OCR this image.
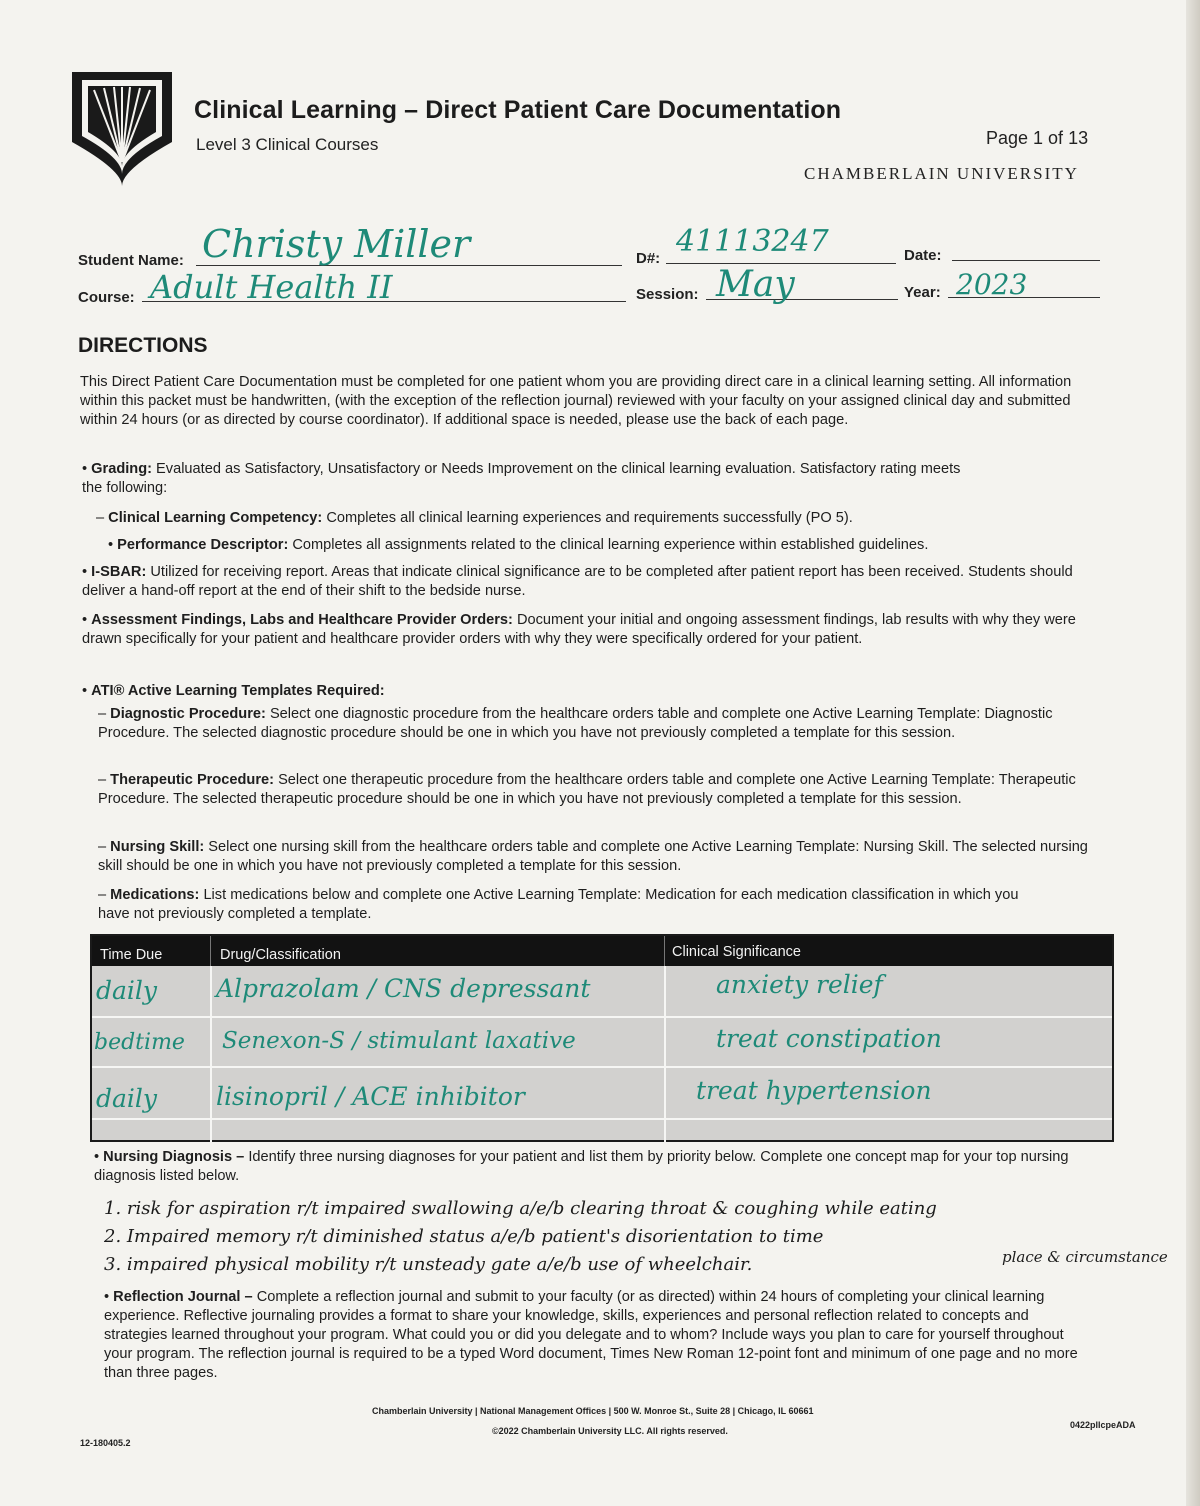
Clinical Learning – Direct Patient Care Documentation
Level 3 Clinical Courses	Page 1 of 13
CHAMBERLAIN UNIVERSITY
Student Name: Christy Miller	D#: 41113247	Date:
Course: Adult Health II	Session: May	Year: 2023
DIRECTIONS
This Direct Patient Care Documentation must be completed for one patient whom you are providing direct care in a clinical learning setting. All information within this packet must be handwritten, (with the exception of the reflection journal) reviewed with your faculty on your assigned clinical day and submitted within 24 hours (or as directed by course coordinator). If additional space is needed, please use the back of each page.
• Grading: Evaluated as Satisfactory, Unsatisfactory or Needs Improvement on the clinical learning evaluation. Satisfactory rating meets the following:
– Clinical Learning Competency: Completes all clinical learning experiences and requirements successfully (PO 5).
• Performance Descriptor: Completes all assignments related to the clinical learning experience within established guidelines.
• I-SBAR: Utilized for receiving report. Areas that indicate clinical significance are to be completed after patient report has been received. Students should deliver a hand-off report at the end of their shift to the bedside nurse.
• Assessment Findings, Labs and Healthcare Provider Orders: Document your initial and ongoing assessment findings, lab results with why they were drawn specifically for your patient and healthcare provider orders with why they were specifically ordered for your patient.
• ATI® Active Learning Templates Required:
– Diagnostic Procedure: Select one diagnostic procedure from the healthcare orders table and complete one Active Learning Template: Diagnostic Procedure. The selected diagnostic procedure should be one in which you have not previously completed a template for this session.
– Therapeutic Procedure: Select one therapeutic procedure from the healthcare orders table and complete one Active Learning Template: Therapeutic Procedure. The selected therapeutic procedure should be one in which you have not previously completed a template for this session.
– Nursing Skill: Select one nursing skill from the healthcare orders table and complete one Active Learning Template: Nursing Skill. The selected nursing skill should be one in which you have not previously completed a template for this session.
– Medications: List medications below and complete one Active Learning Template: Medication for each medication classification in which you have not previously completed a template.
Time Due	Drug/Classification	Clinical Significance
daily Alprazolam / CNS depressant	anxiety relief
bedtime Senexon-S / stimulant laxative	treat constipation
daily lisinopril / ACE inhibitor	treat hypertension
• Nursing Diagnosis – Identify three nursing diagnoses for your patient and list them by priority below. Complete one concept map for your top nursing diagnosis listed below.
1. risk for aspiration r/t impaired swallowing a/e/b clearing throat & coughing while eating
2. Impaired memory r/t diminished status a/e/b patient's disorientation to time
3. impaired physical mobility r/t unsteady gate a/e/b use of wheelchair.	place & circumstance
• Reflection Journal – Complete a reflection journal and submit to your faculty (or as directed) within 24 hours of completing your clinical learning experience. Reflective journaling provides a format to share your knowledge, skills, experiences and personal reflection related to concepts and strategies learned throughout your program. What could you or did you delegate and to whom? Include ways you plan to care for yourself throughout your program. The reflection journal is required to be a typed Word document, Times New Roman 12-point font and minimum of one page and no more than three pages.
Chamberlain University | National Management Offices | 500 W. Monroe St., Suite 28 | Chicago, IL 60661
©2022 Chamberlain University LLC. All rights reserved.
12-180405.2
0422pllcpeADA
